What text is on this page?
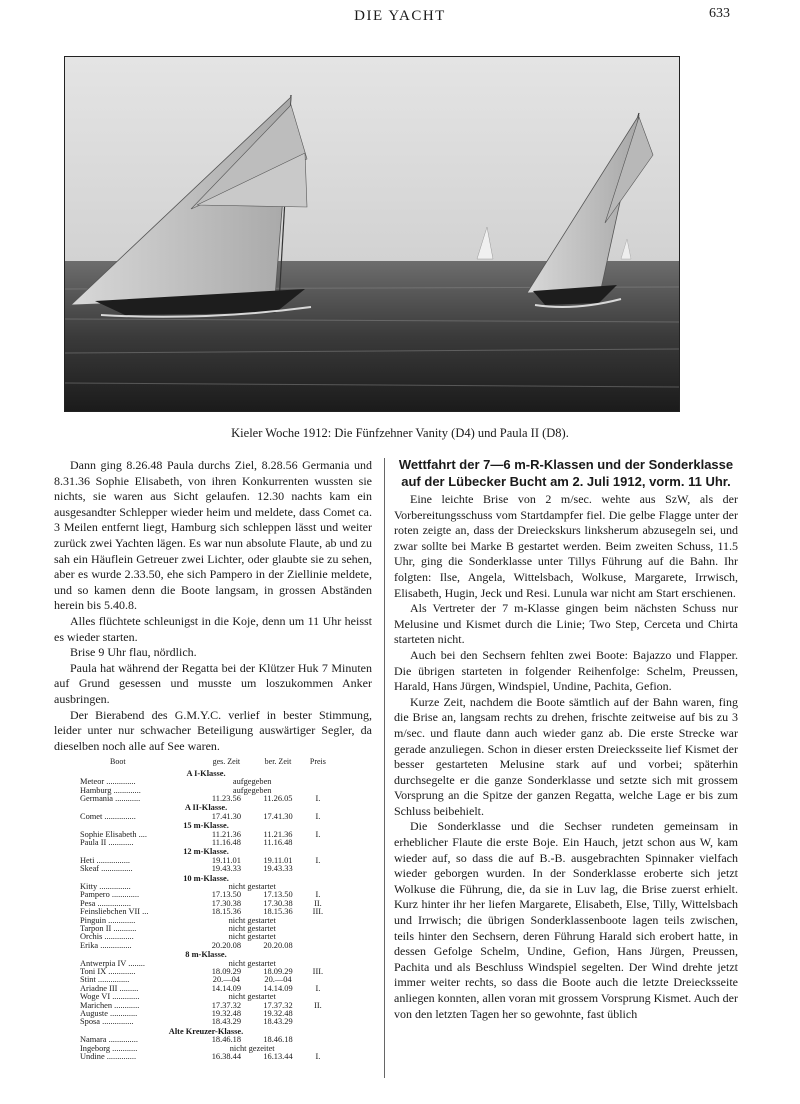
DIE YACHT	633
Kieler Woche 1912: Die Fünfzehner Vanity (D4) und Paula II (D8).

Dann ging 8.26.48 Paula durchs Ziel, 8.28.56 Germania und 8.31.36 Sophie Elisabeth, von ihren Konkurrenten wussten sie nichts, sie waren aus Sicht gelaufen. 12.30 nachts kam ein ausgesandter Schlepper wieder heim und meldete, dass Comet ca. 3 Meilen entfernt liegt, Hamburg sich schleppen lässt und weiter zurück zwei Yachten lägen. Es war nun absolute Flaute, ab und zu sah ein Häuflein Getreuer zwei Lichter, oder glaubte sie zu sehen, aber es wurde 2.33.50, ehe sich Pampero in der Ziellinie meldete, und so kamen denn die Boote langsam, in grossen Abständen herein bis 5.40.8.

Alles flüchtete schleunigst in die Koje, denn um 11 Uhr heisst es wieder starten.

Brise 9 Uhr flau, nördlich.

Paula hat während der Regatta bei der Klützer Huk 7 Minuten auf Grund gesessen und musste um loszukommen Anker ausbringen.

Der Bierabend des G.M.Y.C. verlief in bester Stimmung, leider unter nur schwacher Beteiligung auswärtiger Segler, da dieselben noch alle auf See waren.

Boot	ges. Zeit	ber. Zeit	Preis
A I-Klasse.			
Meteor ..............	aufgegeben		
Hamburg .............	aufgegeben		
Germania ............	11.23.56	11.26.05	I.
A II-Klasse.			
Comet ...............	17.41.30	17.41.30	I.
15 m-Klasse.			
Sophie Elisabeth ....	11.21.36	11.21.36	I.
Paula II ............	11.16.48	11.16.48	
12 m-Klasse.			
Heti ................	19.11.01	19.11.01	I.
Skeaf ...............	19.43.33	19.43.33	
10 m-Klasse.			
Kitty ...............	nicht gestartet		
Pampero .............	17.13.50	17.13.50	I.
Pesa ................	17.30.38	17.30.38	II.
Feinsliebchen VII ...	18.15.36	18.15.36	III.
Pinguin .............	nicht gestartet		
Tarpon II ...........	nicht gestartet		
Orchis ..............	nicht gestartet		
Erika ...............	20.20.08	20.20.08	
8 m-Klasse.			
Antwerpia IV ........	nicht gestartet		
Toni IX .............	18.09.29	18.09.29	III.
Stint ...............	20.—04	20.—04	
Ariadne III .........	14.14.09	14.14.09	I.
Woge VI .............	nicht gestartet		
Marichen ............	17.37.32	17.37.32	II.
Auguste .............	19.32.48	19.32.48	
Sposa ...............	18.43.29	18.43.29	
Alte Kreuzer-Klasse.			
Namara ..............	18.46.18	18.46.18	
Ingeborg ............	nicht gezeitet		
Undine ..............	16.38.44	16.13.44	I.
Wettfahrt der 7—6 m-R-Klassen und der Sonderklasse auf der Lübecker Bucht am 2. Juli 1912, vorm. 11 Uhr.

Eine leichte Brise von 2 m/sec. wehte aus SzW, als der Vorbereitungsschuss vom Startdampfer fiel. Die gelbe Flagge unter der roten zeigte an, dass der Dreieckskurs linksherum abzusegeln sei, und zwar sollte bei Marke B gestartet werden. Beim zweiten Schuss, 11.5 Uhr, ging die Sonderklasse unter Tillys Führung auf die Bahn. Ihr folgten: Ilse, Angela, Wittelsbach, Wolkuse, Margarete, Irrwisch, Elisabeth, Hugin, Jeck und Resi. Lunula war nicht am Start erschienen.

Als Vertreter der 7 m-Klasse gingen beim nächsten Schuss nur Melusine und Kismet durch die Linie; Two Step, Cerceta und Chirta starteten nicht.

Auch bei den Sechsern fehlten zwei Boote: Bajazzo und Flapper. Die übrigen starteten in folgender Reihenfolge: Schelm, Preussen, Harald, Hans Jürgen, Windspiel, Undine, Pachita, Gefion.

Kurze Zeit, nachdem die Boote sämtlich auf der Bahn waren, fing die Brise an, langsam rechts zu drehen, frischte zeitweise auf bis zu 3 m/sec. und flaute dann auch wieder ganz ab. Die erste Strecke war gerade anzuliegen. Schon in dieser ersten Dreiecksseite lief Kismet der besser gestarteten Melusine stark auf und vorbei; späterhin durchsegelte er die ganze Sonderklasse und setzte sich mit grossem Vorsprung an die Spitze der ganzen Regatta, welche Lage er bis zum Schluss beibehielt.

Die Sonderklasse und die Sechser rundeten gemeinsam in erheblicher Flaute die erste Boje. Ein Hauch, jetzt schon aus W, kam wieder auf, so dass die auf B.-B. ausgebrachten Spinnaker vielfach wieder geborgen wurden. In der Sonderklasse eroberte sich jetzt Wolkuse die Führung, die, da sie in Luv lag, die Brise zuerst erhielt. Kurz hinter ihr her liefen Margarete, Elisabeth, Else, Tilly, Wittelsbach und Irrwisch; die übrigen Sonderklassenboote lagen teils zwischen, teils hinter den Sechsern, deren Führung Harald sich erobert hatte, in dessen Gefolge Schelm, Undine, Gefion, Hans Jürgen, Preussen, Pachita und als Beschluss Windspiel segelten. Der Wind drehte jetzt immer weiter rechts, so dass die Boote auch die letzte Dreiecksseite anliegen konnten, allen voran mit grossem Vorsprung Kismet. Auch der von den letzten Tagen her so gewohnte, fast üblich
